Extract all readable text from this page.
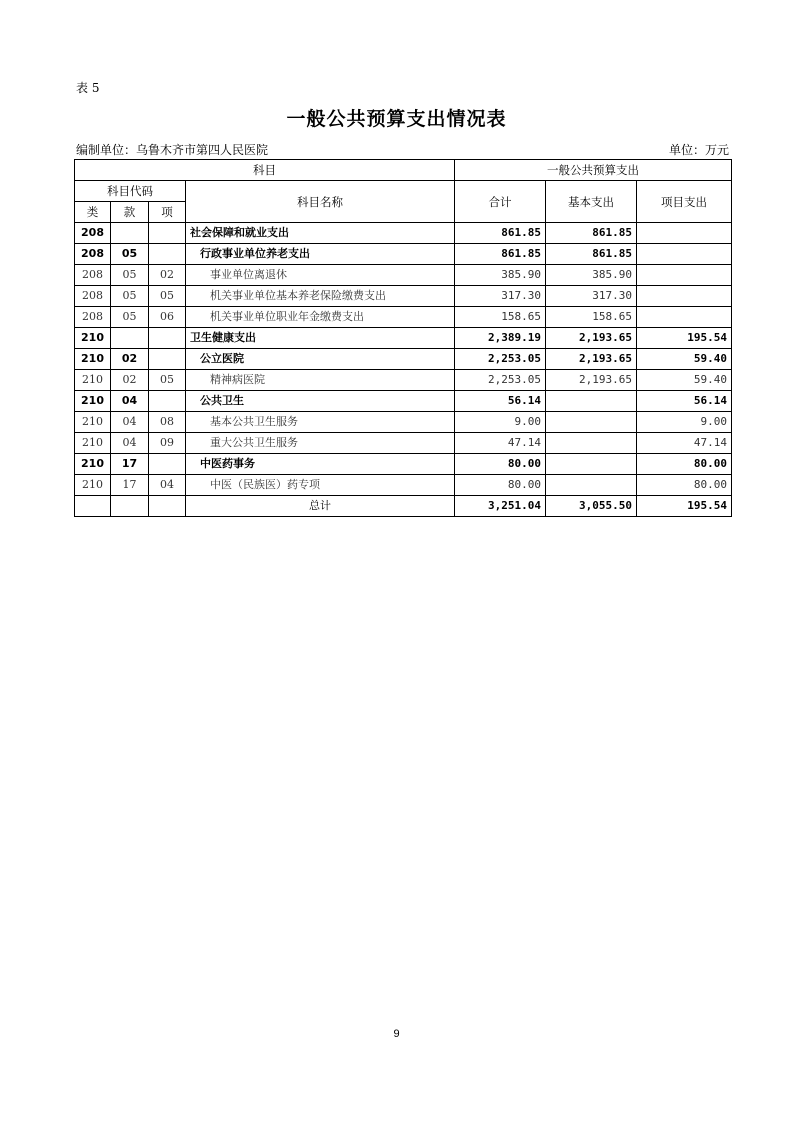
表 5
一般公共预算支出情况表
编制单位：乌鲁木齐市第四人民医院	单位：万元
科目				一般公共预算支出		
科目代码			科目名称	合计	基本支出	项目支出
类	款	项				
208			社会保障和就业支出	861.85	861.85	
208	05		行政事业单位养老支出	861.85	861.85	
208	05	02	事业单位离退休	385.90	385.90	
208	05	05	机关事业单位基本养老保险缴费支出	317.30	317.30	
208	05	06	机关事业单位职业年金缴费支出	158.65	158.65	
210			卫生健康支出	2,389.19	2,193.65	195.54
210	02		公立医院	2,253.05	2,193.65	59.40
210	02	05	精神病医院	2,253.05	2,193.65	59.40
210	04		公共卫生	56.14		56.14
210	04	08	基本公共卫生服务	9.00		9.00
210	04	09	重大公共卫生服务	47.14		47.14
210	17		中医药事务	80.00		80.00
210	17	04	中医（民族医）药专项	80.00		80.00
			总计	3,251.04	3,055.50	195.54
9
